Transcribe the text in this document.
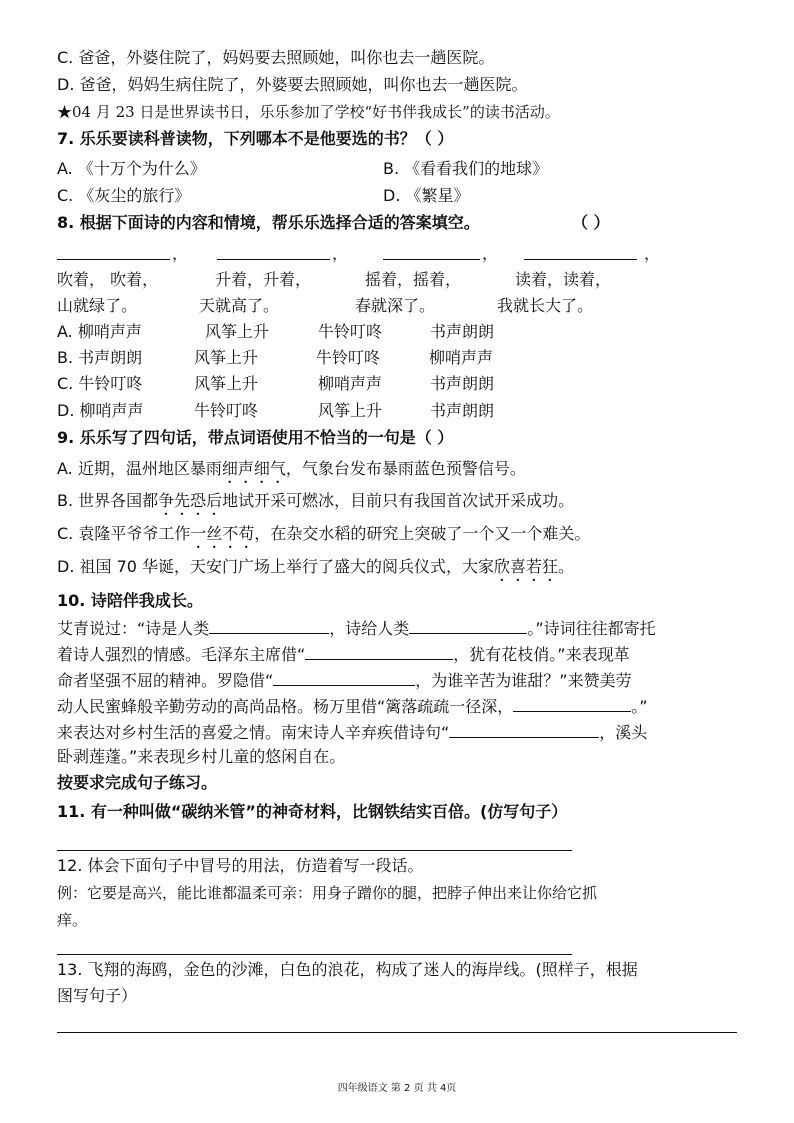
C. 爸爸，外婆住院了，妈妈要去照顾她，叫你也去一趟医院。
D. 爸爸，妈妈生病住院了，外婆要去照顾她，叫你也去一趟医院。
★04 月 23 日是世界读书日，乐乐参加了学校“好书伴我成长”的读书活动。
7. 乐乐要读科普读物，下列哪本不是他要选的书？（ ）
A. 《十万个为什么》	B. 《看看我们的地球》
C. 《灰尘的旅行》	D. 《繁星》
8. 根据下面诗的内容和情境，帮乐乐选择合适的答案填空。	（ ）
，	，	，	，
吹着， 吹着，	升着，升着，	摇着，摇着，	读着，读着，
山就绿了。	天就高了。	春就深了。	我就长大了。
A. 柳哨声声	风筝上升	牛铃叮咚	书声朗朗
B. 书声朗朗	风筝上升	牛铃叮咚	柳哨声声
C. 牛铃叮咚	风筝上升	柳哨声声	书声朗朗
D. 柳哨声声	牛铃叮咚	风筝上升	书声朗朗
9. 乐乐写了四句话，带点词语使用不恰当的一句是（ ）
A. 近期，温州地区暴雨细声细气，气象台发布暴雨蓝色预警信号。
B. 世界各国都争先恐后地试开采可燃冰，目前只有我国首次试开采成功。
C. 袁隆平爷爷工作一丝不苟，在杂交水稻的研究上突破了一个又一个难关。
D. 祖国 70 华诞，天安门广场上举行了盛大的阅兵仪式，大家欣喜若狂。
10. 诗陪伴我成长。
艾青说过：“诗是人类	，诗给人类	。”诗词往往都寄托
着诗人强烈的情感。毛泽东主席借“	，犹有花枝俏。”来表现革
命者坚强不屈的精神。罗隐借“	，为谁辛苦为谁甜？”来赞美劳
动人民蜜蜂般辛勤劳动的高尚品格。杨万里借“篱落疏疏一径深，	。”
来表达对乡村生活的喜爱之情。南宋诗人辛弃疾借诗句“	，溪头
卧剥莲蓬。”来表现乡村儿童的悠闲自在。
按要求完成句子练习。
11. 有一种叫做“碳纳米管”的神奇材料，比钢铁结实百倍。(仿写句子）
12. 体会下面句子中冒号的用法，仿造着写一段话。
例：它要是高兴，能比谁都温柔可亲：用身子蹭你的腿，把脖子伸出来让你给它抓
痒。
13. 飞翔的海鸥，金色的沙滩，白色的浪花，构成了迷人的海岸线。(照样子，根据
图写句子）
四年级语文 第 2 页 共 4页
